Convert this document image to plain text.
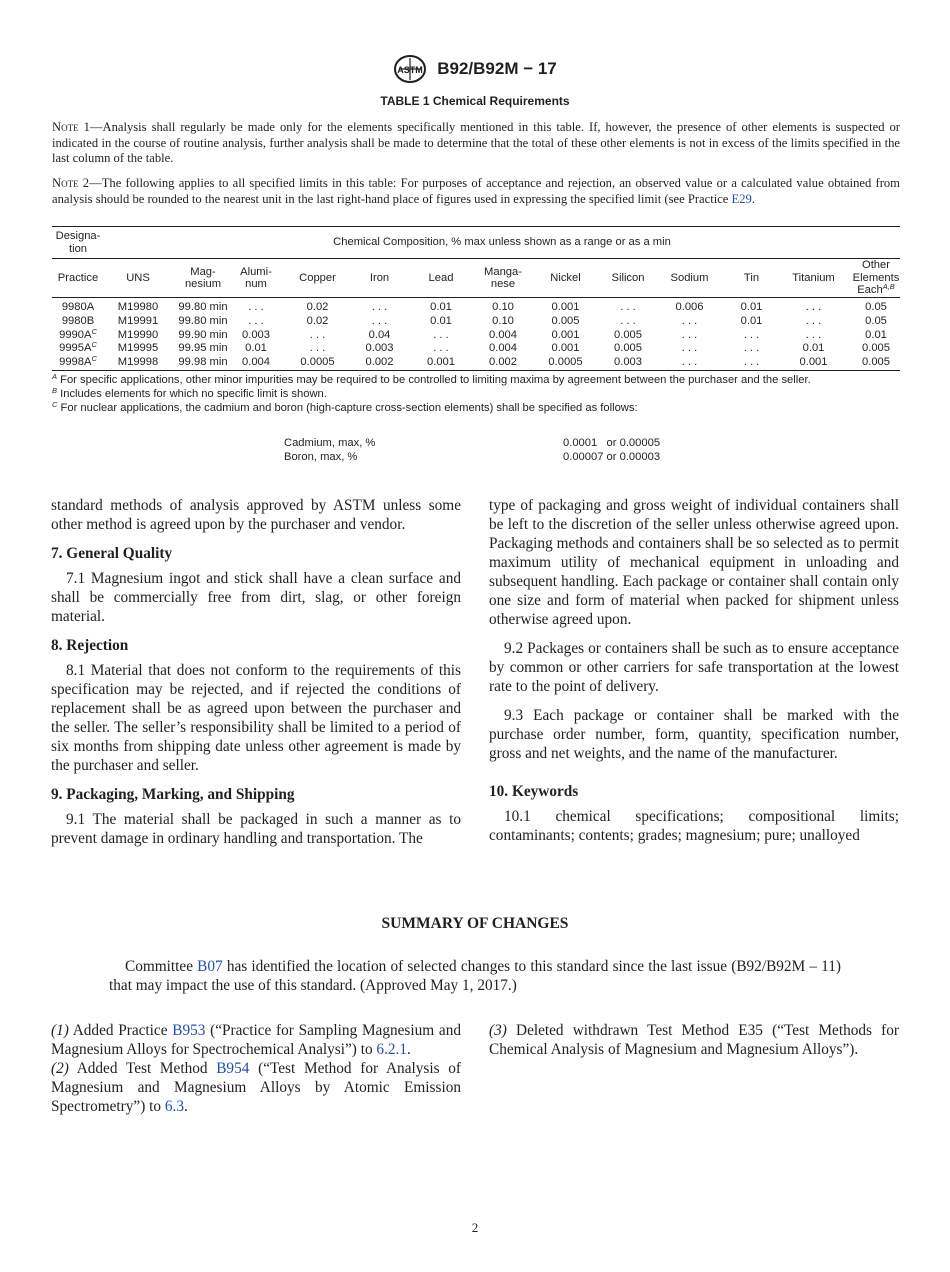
ASTM B92/B92M − 17
TABLE 1 Chemical Requirements
Note 1—Analysis shall regularly be made only for the elements specifically mentioned in this table. If, however, the presence of other elements is suspected or indicated in the course of routine analysis, further analysis shall be made to determine that the total of these other elements is not in excess of the limits specified in the last column of the table.
Note 2—The following applies to all specified limits in this table: For purposes of acceptance and rejection, an observed value or a calculated value obtained from analysis should be rounded to the nearest unit in the last right-hand place of figures used in expressing the specified limit (see Practice E29.
Designa- tion	Chemical Composition, % max unless shown as a range or as a min												
Practice	UNS	Mag- nesium	Alumi- num	Copper	Iron	Lead	Manga- nese	Nickel	Silicon	Sodium	Tin	Titanium	Other Elements Each$^{A,B}$
9980A	M19980	99.80 min	. . .	0.02	. . .	0.01	0.10	0.001	. . .	0.006	0.01	. . .	0.05
9980B	M19991	99.80 min	. . .	0.02	. . .	0.01	0.10	0.005	. . .	. . .	0.01	. . .	0.05
$9990A^C$	M19990	99.90 min	0.003	. . .	0.04	. . .	0.004	0.001	0.005	. . .	. . .	. . .	0.01
$9995A^C$	M19995	99.95 min	0.01	. . .	0.003	. . .	0.004	0.001	0.005	. . .	. . .	0.01	0.005
$9998A^C$	M19998	99.98 min	0.004	0.0005	0.002	0.001	0.002	0.0005	0.003	. . .	. . .	0.001	0.005
$^A$ For specific applications, other minor impurities may be required to be controlled to limiting maxima by agreement between the purchaser and the seller.
$^B$ Includes elements for which no specific limit is shown.
$^C$ For nuclear applications, the cadmium and boron (high-capture cross-section elements) shall be specified as follows:
Cadmium, max, %	0.0001   or 0.00005
Boron, max, %	0.00007 or 0.00003

standard methods of analysis approved by ASTM unless some other method is agreed upon by the purchaser and vendor.

7. General Quality

7.1 Magnesium ingot and stick shall have a clean surface and shall be commercially free from dirt, slag, or other foreign material.

8. Rejection

8.1 Material that does not conform to the requirements of this specification may be rejected, and if rejected the conditions of replacement shall be as agreed upon between the purchaser and the seller. The seller’s responsibility shall be limited to a period of six months from shipping date unless other agreement is made by the purchaser and seller.

9. Packaging, Marking, and Shipping

9.1 The material shall be packaged in such a manner as to prevent damage in ordinary handling and transportation. The

type of packaging and gross weight of individual containers shall be left to the discretion of the seller unless otherwise agreed upon. Packaging methods and containers shall be so selected as to permit maximum utility of mechanical equipment in unloading and subsequent handling. Each package or container shall contain only one size and form of material when packed for shipment unless otherwise agreed upon.

9.2 Packages or containers shall be such as to ensure acceptance by common or other carriers for safe transportation at the lowest rate to the point of delivery.

9.3 Each package or container shall be marked with the purchase order number, form, quantity, specification number, gross and net weights, and the name of the manufacturer.

10. Keywords

10.1 chemical specifications; compositional limits; contaminants; contents; grades; magnesium; pure; unalloyed

SUMMARY OF CHANGES
Committee B07 has identified the location of selected changes to this standard since the last issue (B92/B92M – 11) that may impact the use of this standard. (Approved May 1, 2017.)

(1) Added Practice B953 (“Practice for Sampling Magnesium and Magnesium Alloys for Spectrochemical Analysi”) to 6.2.1.

(2) Added Test Method B954 (“Test Method for Analysis of Magnesium and Magnesium Alloys by Atomic Emission Spectrometry”) to 6.3.

(3) Deleted withdrawn Test Method E35 (“Test Methods for Chemical Analysis of Magnesium and Magnesium Alloys”).

2
